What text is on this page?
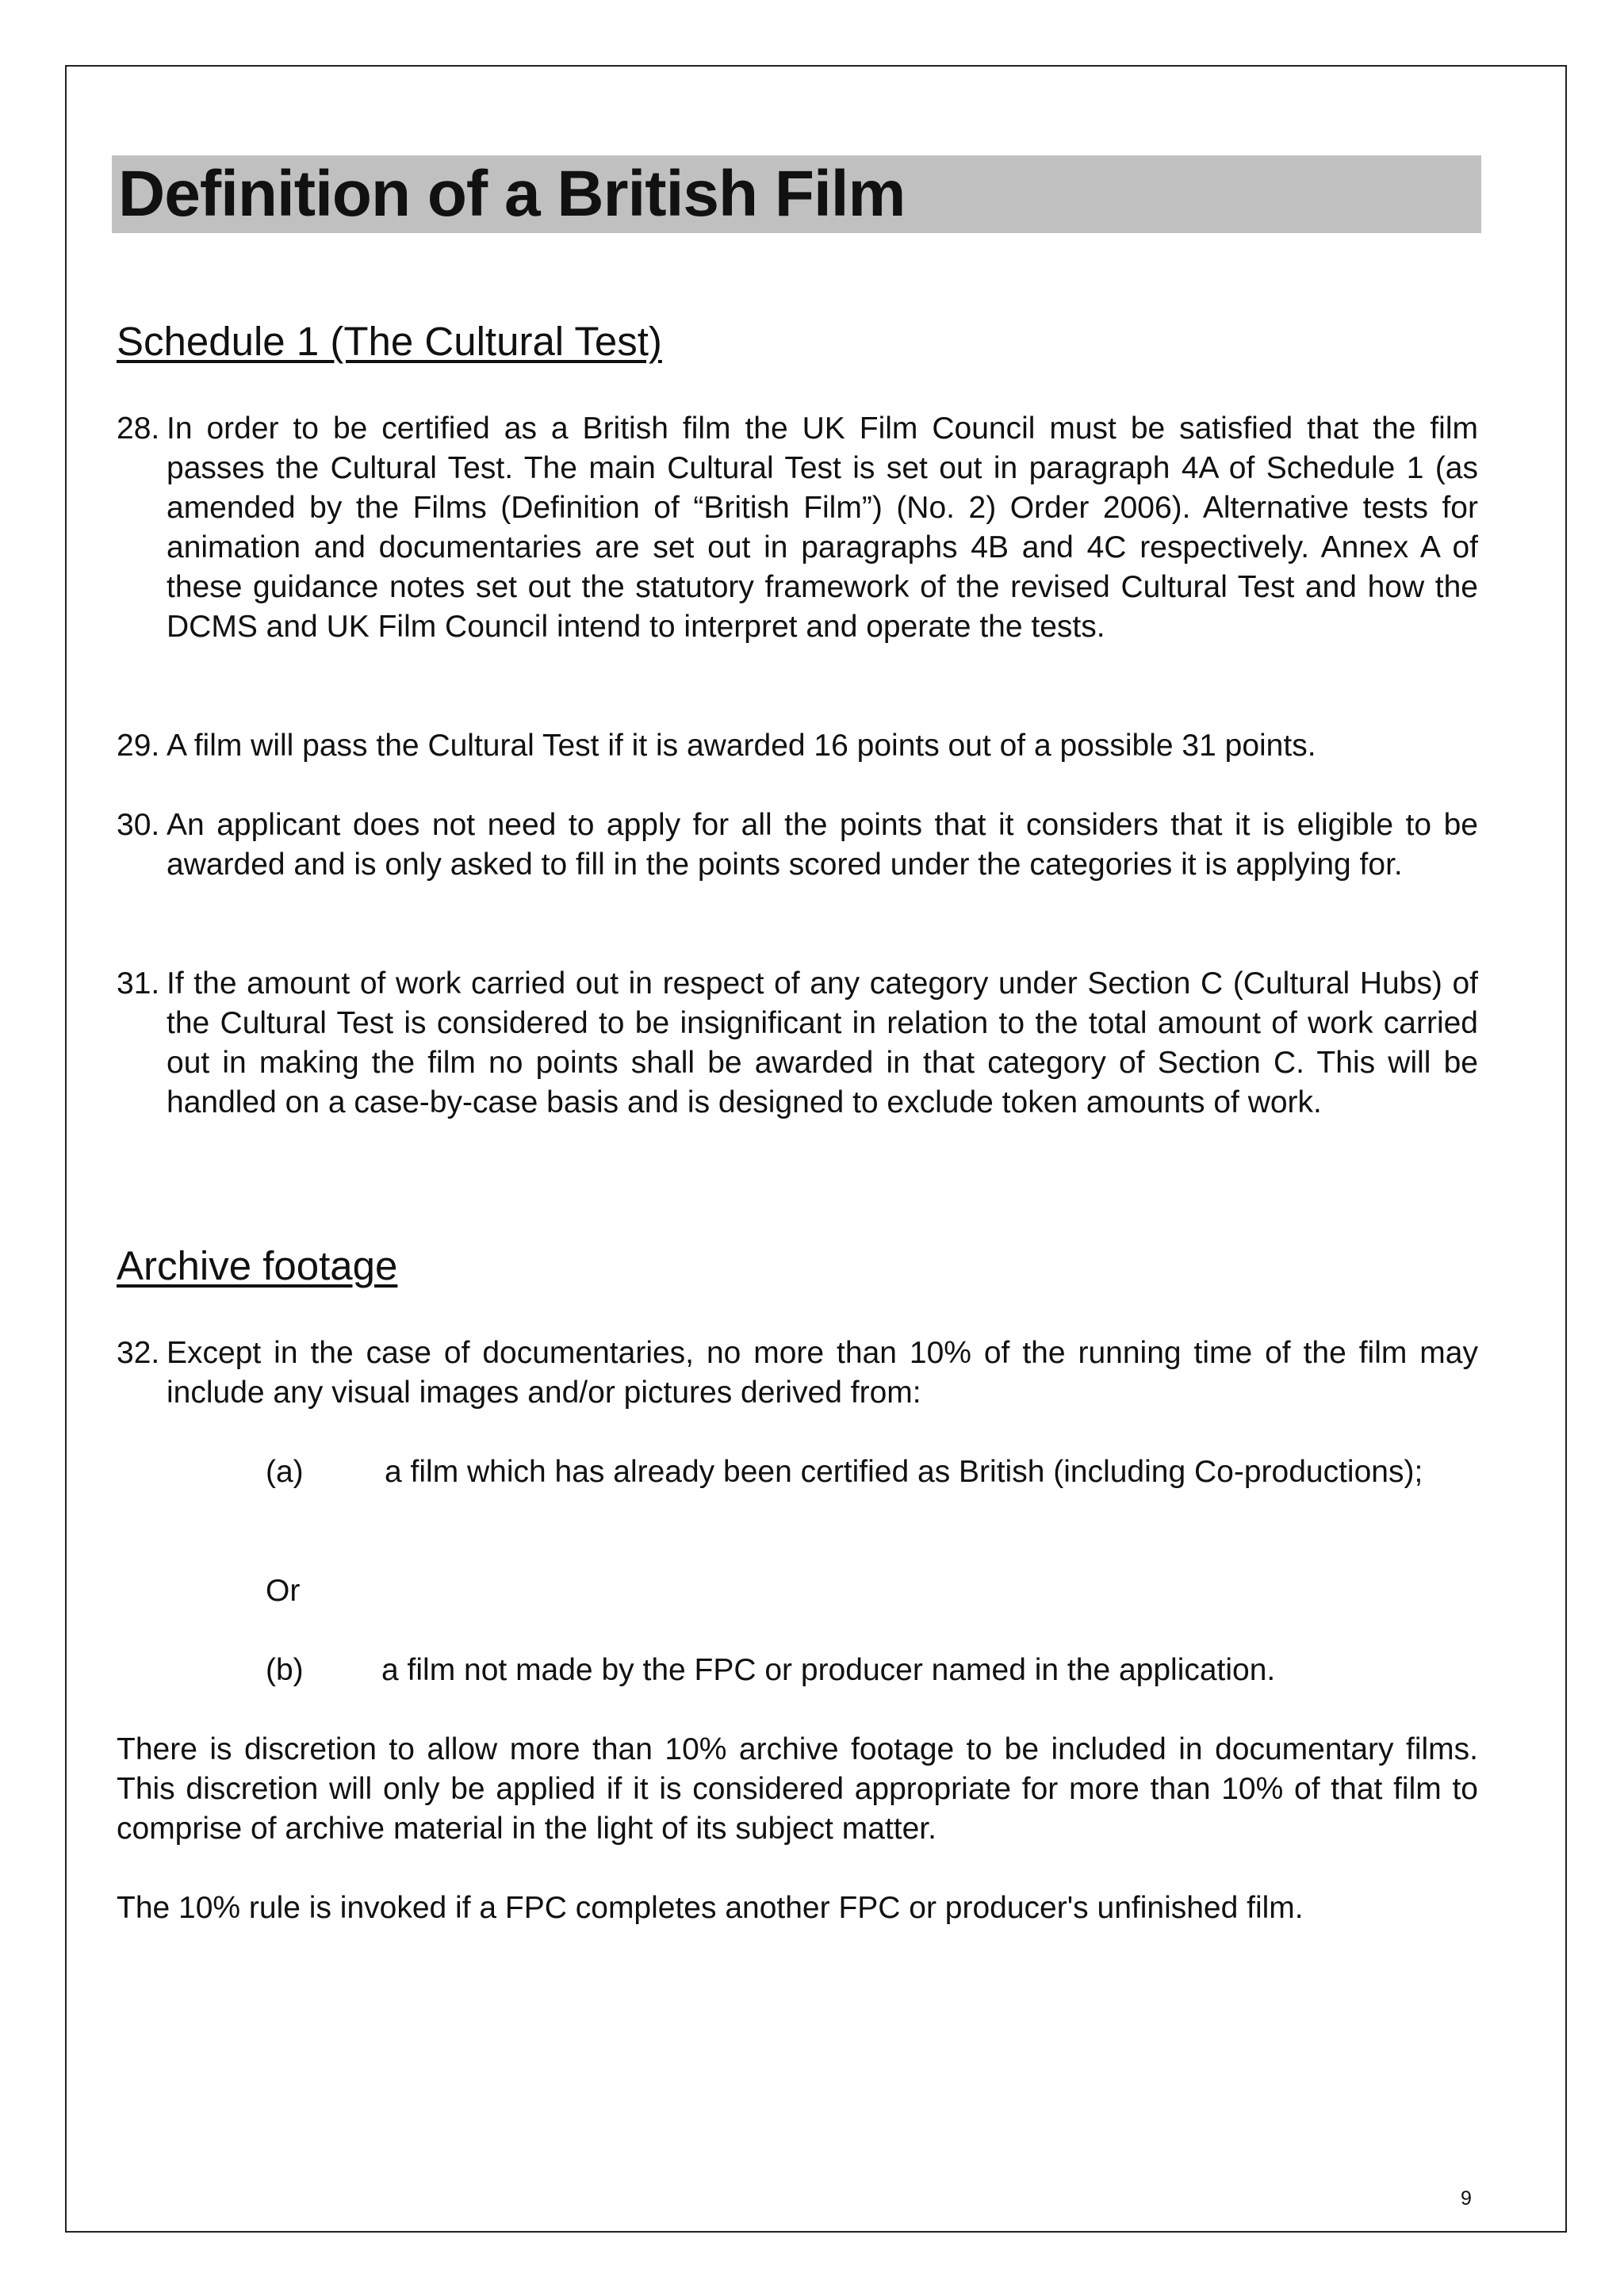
Definition of a British Film
Schedule 1 (The Cultural Test)
28. In order to be certified as a British film the UK Film Council must be satisfied that the film passes the Cultural Test. The main Cultural Test is set out in paragraph 4A of Schedule 1 (as amended by the Films (Definition of “British Film”) (No. 2) Order 2006). Alternative tests for animation and documentaries are set out in paragraphs 4B and 4C respectively. Annex A of these guidance notes set out the statutory framework of the revised Cultural Test and how the DCMS and UK Film Council intend to interpret and operate the tests.
29. A film will pass the Cultural Test if it is awarded 16 points out of a possible 31 points.
30. An applicant does not need to apply for all the points that it considers that it is eligible to be awarded and is only asked to fill in the points scored under the categories it is applying for.
31. If the amount of work carried out in respect of any category under Section C (Cultural Hubs) of the Cultural Test is considered to be insignificant in relation to the total amount of work carried out in making the film no points shall be awarded in that category of Section C. This will be handled on a case-by-case basis and is designed to exclude token amounts of work.
Archive footage
32. Except in the case of documentaries, no more than 10% of the running time of the film may include any visual images and/or pictures derived from:
(a)	a film which has already been certified as British (including Co-productions);
Or
(b)	a film not made by the FPC or producer named in the application.
There is discretion to allow more than 10% archive footage to be included in documentary films. This discretion will only be applied if it is considered appropriate for more than 10% of that film to comprise of archive material in the light of its subject matter.
The 10% rule is invoked if a FPC completes another FPC or producer's unfinished film.
9
